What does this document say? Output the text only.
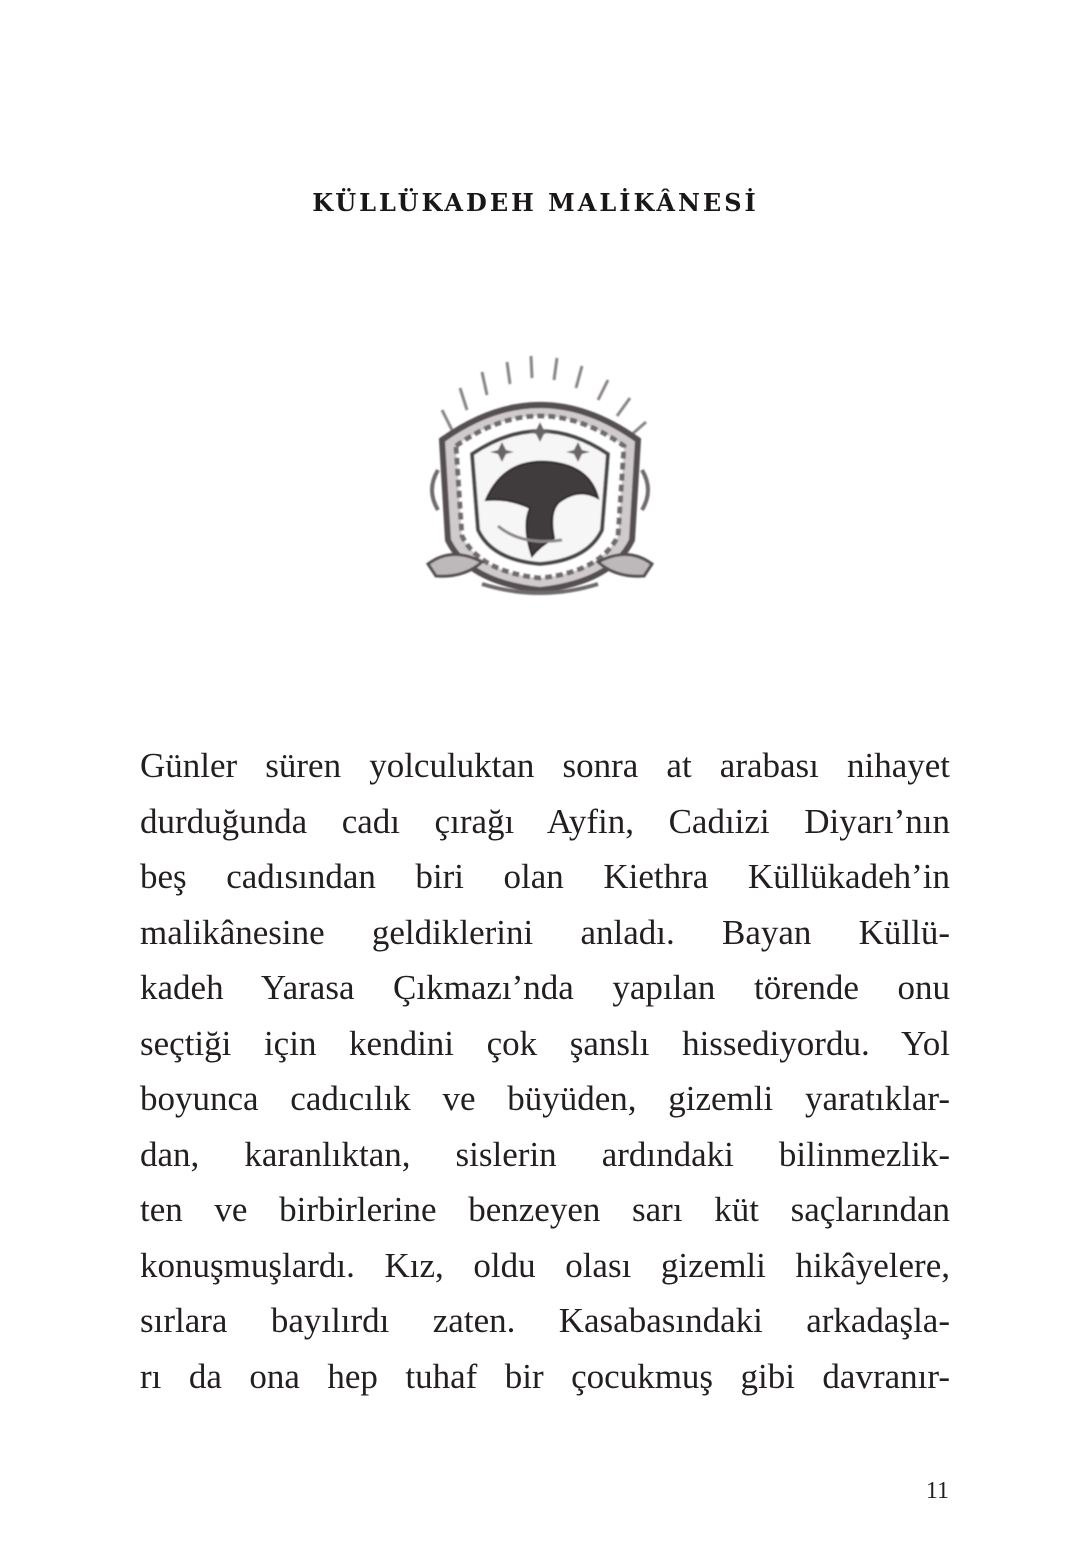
KÜLLÜKADEH MALİKÂNESİ
Günler süren yolculuktan sonra at arabası nihayet
durduğunda cadı çırağı Ayfin, Cadıizi Diyarı’nın
beş cadısından biri olan Kiethra Küllükadeh’in
malikânesine geldiklerini anladı. Bayan Küllü-
kadeh Yarasa Çıkmazı’nda yapılan törende onu
seçtiği için kendini çok şanslı hissediyordu. Yol
boyunca cadıcılık ve büyüden, gizemli yaratıklar-
dan, karanlıktan, sislerin ardındaki bilinmezlik-
ten ve birbirlerine benzeyen sarı küt saçlarından
konuşmuşlardı. Kız, oldu olası gizemli hikâyelere,
sırlara bayılırdı zaten. Kasabasındaki arkadaşla-
rı da ona hep tuhaf bir çocukmuş gibi davranır-
11
